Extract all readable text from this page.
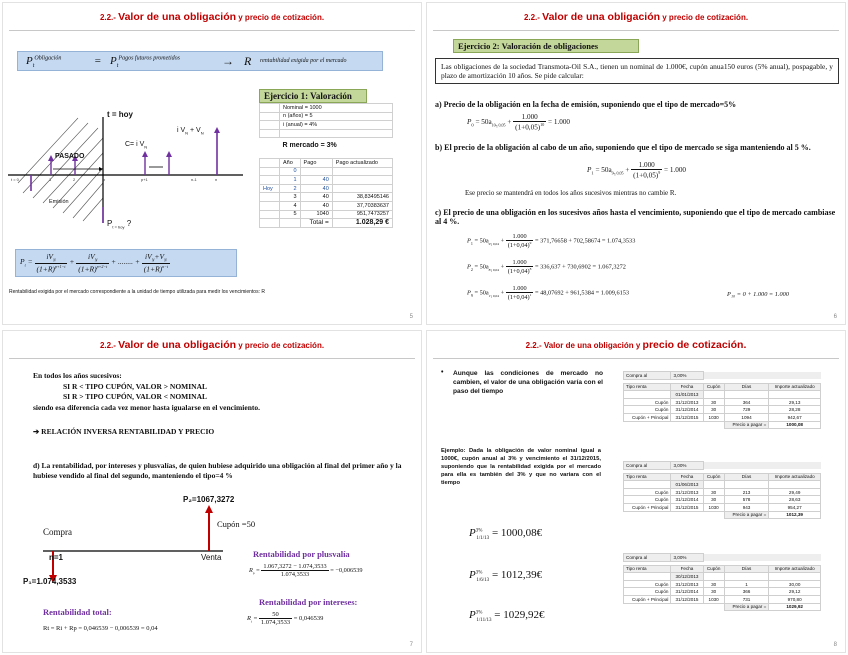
2.2.- Valor de una obligación y precio de cotización.
$P_t^{Obligación}$	= $P_t^{Pagos futuros prometidos}$	→ R rentabilidad exigida por el mercado
t = hoy
i $V_N + V_N$
C= i $V_N$
PASADO
Emisión
$P_{t = hoy}$ ?
t = 0	1	2	p	p+1	n-1	n
Ejercicio 1: Valoración
	Nominal = 1000		
	n (años) = 5		
	i (anual) = 4%		

	R mercado = 3%		

	Año	Pago	Pago actualizado
	0		
	1	40	
Hoy	2	40	
	3	40	38,83495146
	4	40	37,70383637
	5	1040	951,7473257
		Total =	1.028,29 €
$P_t = \frac{iV_N}{(1+R)^{p+1-t}} + \frac{iV_N}{(1+R)^{p+2-t}}$ + ........ + $\frac{iV_N+V_N}{(1+R)^{n-t}}$
Rentabilidad exigida por el mercado correspondiente a la unidad de tiempo utilizada para medir los vencimientos: R
5
2.2.- Valor de una obligación y precio de cotización.
Ejercicio 2: Valoración de obligaciones
Las obligaciones de la sociedad Transmota-Oil S.A., tienen un nominal de 1.000€, cupón anua150 euros (5% anual), pospagable, y plazo de amortización 10 años. Se pide calcular:
a) Precio de la obligación en la fecha de emisión, suponiendo que el tipo de mercado=5%
$P_0 = 50a_{10┐0,05} + \frac{1.000}{(1+0,05)^{10}} = 1.000$
b) El precio de la obligación al cabo de un año, suponiendo que el tipo de mercado se siga manteniendo al 5 %.
$P_1 = 50a_{9┐0,05} + \frac{1.000}{(1+0,05)^9} = 1.000$
Ese precio se mantendrá en todos los años sucesivos mientras no cambie R.
c) El precio de una obligación en los sucesivos años hasta el vencimiento, suponiendo que el tipo de mercado cambiase al 4 %.
$P_1 = 50a_{9┐0,04} + \frac{1.000}{(1+0,04)^9} = 371,76658 + 702,58674 = 1.074,3533$
$P_2 = 50a_{8┐0,04} + \frac{1.000}{(1+0,04)^8} = 336,637 + 730,6902 = 1.067,3272$
$P_9 = 50a_{1┐0,04} + \frac{1.000}{(1+0,04)^1} = 48,07692 + 961,5384 = 1.009,6153$	P₁₀ = 0 + 1.000 = 1.000
6
2.2.- Valor de una obligación y precio de cotización.
En todos los años sucesivos:
SI R < TIPO CUPÓN, VALOR > NOMINAL
SI R > TIPO CUPÓN, VALOR < NOMINAL
siendo esa diferencia cada vez menor hasta igualarse en el vencimiento.
➔ RELACIÓN INVERSA RENTABILIDAD Y PRECIO
d) La rentabilidad, por intereses y plusvalías, de quien hubiese adquirido una obligación al final del primer año y la hubiese vendido al final del segundo, manteniendo el tipo=4 %
P₂=1067,3272
Cupón =50
Compra
n=1	Venta
P₁=1.074,3533
Rentabilidad por plusvalía
$R_p = \frac{1.067,3272 - 1.074,3533}{1.074,3533} = -0,006539$
Rentabilidad por intereses:
$R_i = \frac{50}{1.074,3533} = 0,046539$
Rentabilidad total:
Rt = Ri + Rp = 0,046539 − 0,006539 = 0,04
7
2.2.- Valor de una obligación y precio de cotización.
• Aunque las condiciones de mercado no cambien, el valor de una obligación varía con el paso del tiempo
Ejemplo: Dada la obligación de valor nominal igual a 1000€, cupón anual al 3% y vencimiento el 31/12/2015, suponiendo que la rentabilidad exigida por el mercado para ella es también del 3% y que no variara con el tiempo
$P^{3\%}_{1/1/13}$ = 1000,08€
$P^{3\%}_{1/6/13}$ = 1012,39€
$P^{3\%}_{1/11/13}$ = 1029,92€
Compra al	3,00%			

Tipo renta	Fecha	Cupón	Días	Importe actualizado
	01/01/2013			
Cupón	31/12/2013	30	364	29,13
Cupón	31/12/2014	30	729	28,28
Cupón + Principal	31/12/2015	1030	1094	942,67
			Precio a pagar =	1000,08
Compra al	3,00%			

Tipo renta	Fecha	Cupón	Días	Importe actualizado
	01/06/2013			
Cupón	31/12/2013	30	213	29,49
Cupón	31/12/2014	30	578	28,63
Cupón + Principal	31/12/2015	1030	943	954,27
			Precio a pagar =	1012,39
Compra al	3,00%			

Tipo renta	Fecha	Cupón	Días	Importe actualizado
	30/12/2013			
Cupón	31/12/2013	30	1	30,00
Cupón	31/12/2014	30	366	29,12
Cupón + Principal	31/12/2015	1030	731	970,80
			Precio a pagar =	1029,92
8
